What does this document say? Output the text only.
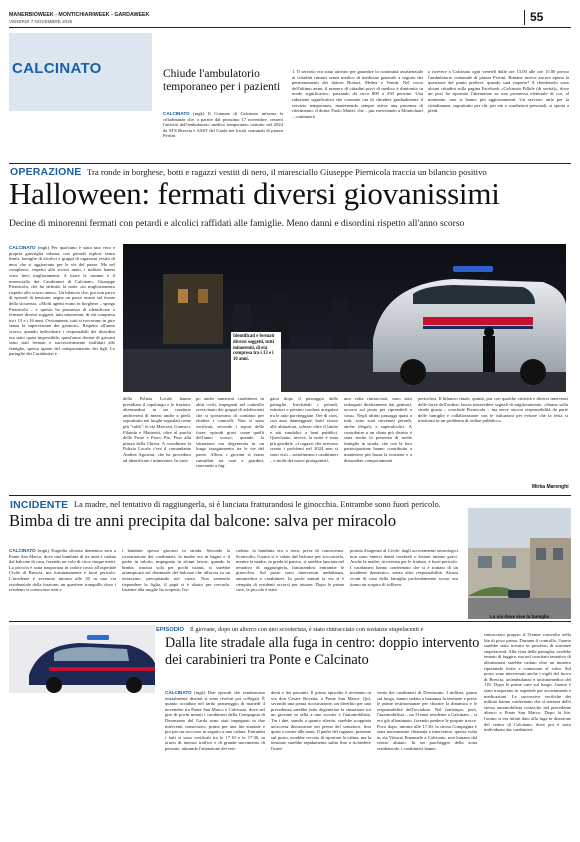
MANERBIOWEEK - MONTICHIARIWEEK - GARDAWEEK
VENERDÌ 7 NOVEMBRE 2025	55
CALCINATO	Chiude l'ambulatorio temporaneo per i pazienti
CALCINATO (mgk) Il Comune di Calcinato informa la cittadinanza che, a partire dal prossimo 17 novembre, cesserà l'attività dell'ambulatorio medico temporaneo istituito nel 2024 da ATS Brescia e ASST del Garda nei locali comunali di piazza Pertini
1. Il servizio era stato attivato per garantire la continuità assistenziale ai cittadini rimasti senza medico di medicina generale a seguito dei pensionamenti dei dottori Botturi, Medea e Venuti. Nel corso dell'ultimo anno, il numero di cittadini privi di medico è diminuito in modo significativo, passando da circa 800 a 250 persone. Una riduzione significativa che consente ora di chiudere gradualmente il servizio temporaneo, mantenendo sempre attiva una presenza di riferimento: il dottor Paolo Mattei, che – pur esercitando a Montichiari – continuerà
a ricevere a Calcinato ogni venerdì dalle ore 13.00 alle ore 15.00 presso l'ambulatorio comunale di piazza Pertini. Rimane invece ancora aperta la questione del punto prelievi: quando sarà riaperto? A chiederselo sono alcuni cittadini sulla pagina Facebook «Calcinato Pillole (di verità)», dove un post ha riportato l'attenzione su una promessa elettorale di cui, al momento, non si hanno più aggiornamenti. Un servizio utile per la cittadinanza, soprattutto per chi, per età o condizioni personali, si sposta a piedi.
OPERAZIONE Tra ronde in borghese, botti e ragazzi vestiti di nero, il maresciallo Giuseppe Piernicola traccia un bilancio positivo
Halloween: fermati diversi giovanissimi
Decine di minorenni fermati con petardi e alcolici raffidati alle famiglie. Meno danni e disordini rispetto all'anno scorso
CALCINATO (mgk) Per qualcuno è stata una vera e propria guerriglia urbana, con petardi esplosi senza limiti, bottiglie di alcolici e gruppi di ragazzini vestiti di nero che si aggiravano per le vie del paese. Ma nel complesso, rispetto allo scorso anno, i militari hanno visto lievi miglioramenti. A tirare le somme è il maresciallo dei Carabinieri di Calcinato, Giuseppe Piernicola, che ha definito la notte «in miglioramento rispetto allo scorso anno». Un bilancio che, pur non privo di episodi di tensione, segna un passo avanti sul fronte della sicurezza. «Molti agenti erano in borghese – spiega Piernicola – e questo ha permesso di identificare e fermare diversi soggetti, tutti minorenni, di età compresa tra i 13 e i 16 anni. Ovviamente, tutti si trovavano in giro senza la supervisione dei genitori». Rispetto all'anno scorso, quando individuare i responsabili dei disordini era stato quasi impossibile, quest'anno decine di giovani sono stati fermati e successivamente riaffidati alle famiglie, spesso ignare del comportamento dei figli. Le pattuglie dei Carabinieri e
Identificati e fermati diversi soggetti, tutti minorenni, di età compresa tra i 13 e i 16 anni.
della Polizia Locale hanno presidiato il capoluogo e le frazioni, alternandosi in un continuo andirivieni di mezzi anche a piedi, soprattutto nei luoghi segnalati come più "caldi": le vie Marconi, Gramsci, Filanda e Matteotti, oltre al parchi delle Poste e Parco Pio. Fino alla piazza della Chiesa. A coordinare la Polizia Locale c'era il comandante Andrea Agostini, che ha proceduto ad identificare i minorenni. In cam-
po anche numerosi carabinieri in abiti civili, impegnati nel controllo ravvicinato dei gruppi di adolescenti che si spostavano di continuo per eludere i controlli. Non si sono verificati, secondo i report delle forze, episodi gravi come quelli dell'anno scorso, quando la situazione era degenerata in un lungo inseguimento tra le vie del paese. Allora, i giovani si erano camuffati tra case e giardini, riuscendo a fug-
garsi dopo il passaggio delle pattuglie. Inevitabili i petardi, estintori e persino rotoloni arrigolati tra le auto parcheggiate. Ore di caos, con auto danneggiate, botti vicino alle abitazioni, schizzi oltre il limite e atti vandalici a beni pubblici. Quest'anno, invece, la notte è stata più gestibile. «I ragazzi che avevano creato i problemi nel 2024 non si sono visti – sottolineano i carabinieri – e molti dei nuovi protagonisti,
una volta rintracciati, sono stati redarguiti direttamente dai genitori, accorsi sul posto per riprenderli a casa». Negli ultimi passaggi quasi a tutti, sono stati rinvenuti petardi, anche illegali, e superalcolici. A contribuire a un clima più disteso è stata anche la presenza di molte famiglie in strada, che con la loro partecipazione hanno contribuito a mantenere più bassa la tensione e a dissuadere comportamenti
pericolosi. Il bilancio finale, quindi, pur con qualche criticità e diversi interventi delle forze dell'ordine, lascia intravedere segnali di miglioramento. «Siamo sulla strada giusta – conclude Piernicola – ma serve ancora responsabilità da parte delle famiglie e collaborazione con le istituzioni per evitare che la festa si trasformi in un problema di ordine pubblico».
Mirka Marenghi
INCIDENTE La madre, nel tentativo di raggiungerla, si è lanciata fratturandosi le ginocchia. Entrambe sono fuori pericolo.
Bimba di tre anni precipita dal balcone: salva per miracolo
CALCINATO (mgk) Tragedia sfiorata domenica sera a Ponte San Marco, dove una bambina di tre anni è caduta dal balcone di casa, facendo un volo di circa cinque metri. La piccola è stata trasportata in codice rosso all'ospedale Civile di Brescia, ma fortunatamente è fuori pericolo. L'incidente è avvenuto intorno alle 20 in una via residenziale della frazione, un quartiere tranquillo dove i residenti si conoscono tutti e
i bambini spesso giocano in strada. Secondo la ricostruzione dei carabinieri, la madre era in bagno e il padre in salotto, impegnato in alcuni lavori, quando la bimba, rimasta sola per pochi istanti, si sarebbe arrampicata sul davanzale del balcone che affaccia su un terrazzino, precipitando nel vuoto. Non sentendo rispondere la figlia, il papà si è alzato per cercarla. Insieme alla moglie ha scoperto l'ac-
caduto: la bambina era a terra, priva di conoscenza. Sconvolto, l'uomo si è calato dal balcone per soccorrerla, mentre la madre, in preda al panico, si sarebbe lanciata nel tentativo di raggiungerla, fratturandosi entrambe le ginocchia. Sul posto sono intervenuti ambulanza, automedica e carabinieri. In pochi minuti la via si è riempita di residenti accorsi per aiutare. Dopo le prime cure, la piccola è stata
portata d'urgenza al Civile: dagli accertamenti neurologici non sono emersi danni cerebrali o lesioni interne gravi. Anche la madre, ricoverata per le fratture, è fuori pericolo. I carabinieri hanno confermato che si è trattato di un incidente domestico, senza altre responsabilità. Alcuni vicini di casa della famiglia profondamente scossi ora tirano un sospiro di sollievo.
La via dove vive la famiglia
EPISODIO Il giovane, dopo un alterco con uno scooterista, è stato rintracciato con sostanze stupefacenti e
Dalla lite stradale alla fuga in centro: doppio intervento dei carabinieri tra Ponte e Calcinato
CALCINATO (mgk) Due episodi che sembravano inizialmente distinti si sono rivelati poi collegati. È quanto accaduto nel tardo pomeriggio di martedì 4 novembre tra Ponte San Marco e Calcinato, dove nel giro di pochi minuti i carabinieri della Compagnia di Desenzano del Garda sono stati impegnati in due interventi consecutivi, prima per una lite stradale e poi per un soccorso in seguito a una caduta. Entrambi i fatti si sono verificati tra le 17.10 e le 17.30, in orario di intenso traffico e di grande movimento di persone, attirando l'attenzione dei resi-
denti e dei passanti. Il primo episodio è avvenuto in via don Cesare Rovetta, a Ponte San Marco. Qui, secondo una prima ricostruzione, un diverbio per una precedenza sarebbe fatto degenerare la situazione tra un giovane in sella a uno scooter e l'automobilista. Tra i due, stando a quanto riferito, sarebbe scoppiata un'accesa discussione nei pressi del semaforo, fino quasi a venire alle mani. Il padre del ragazzo, presente sul posto, avrebbe cercato di riportare la calma, ma la tensione sarebbe rapidamente salita fino a richiedere l'inter-
vento dei carabinieri di Desenzano. I militari, giunti sul luogo, hanno sedato a bastanza la tensione e preso le prime testimonianze per chiarire la dinamica e le responsabilità dell'accaduto. Nel frattempo, però, l'automobilista – un 31enne residente a Calcinato – si era già allontanato, facendo perdere le proprie tracce. Poco dopo, intorno alle 17.30, la stessa Compagnia è stata nuovamente chiamata a intervenire, questa volta in via Vittorio Emanuele a Calcinato, non lontano dal centro abitato. In un parcheggio della zona residenziale, i carabinieri hanno
rintracciato proprio il 31enne coinvolto nella lite di poco prima. Durante il controllo, l'uomo sarebbe stato trovato in possesso di sostanze stupefacenti. Alla vista della pattuglia, avrebbe tentato di fuggire, ma nel concitato tentativo di allontanarsi sarebbe caduto oltre un muretto riportando ferite e contusioni al volto. Sul posto sono intervenuti anche i vigili del fuoco di Brescia, un'ambulanza e un'automedica del 118. Dopo le prime cure sul luogo, l'uomo è stato trasportato in ospedale per accertamenti e medicazioni. Le successive verifiche dei militari hanno confermato che si trattava dello stesso automobilista coinvolto nel precedente alterco a Ponte San Marco. Dopo la lite, l'uomo si era infatti dato alla fuga in direzione del centro di Calcinato, dove poi è stato individuato dai carabinieri.
